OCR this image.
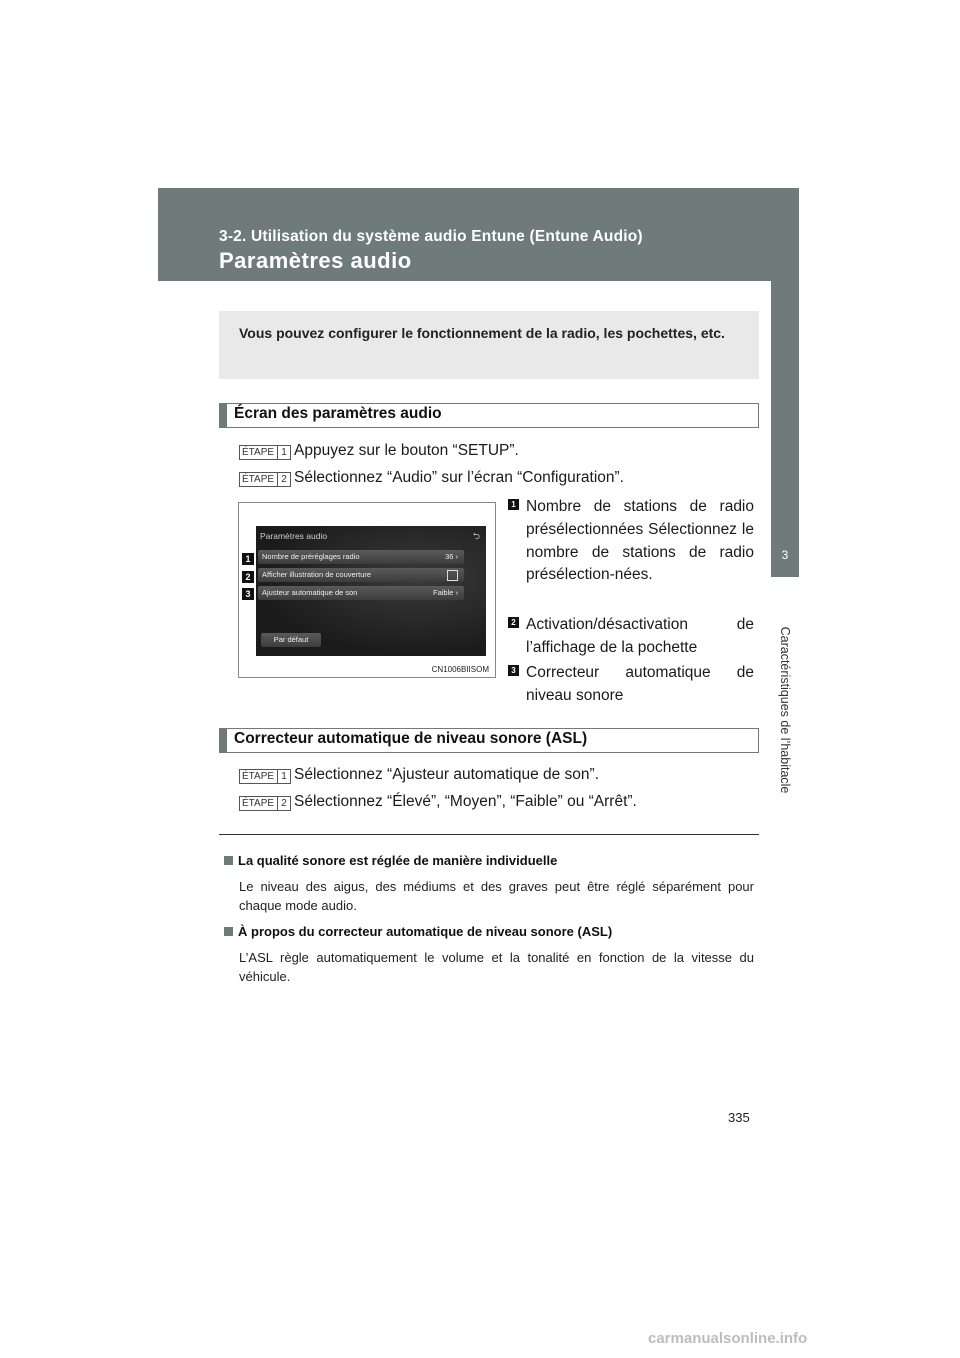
3-2. Utilisation du système audio Entune (Entune Audio)
Paramètres audio
3
Caractéristiques de l’habitacle

Vous pouvez configurer le fonctionnement de la radio, les pochettes, etc.

Écran des paramètres audio
ÉTAPE 1 Appuyez sur le bouton “SETUP”.
ÉTAPE 2 Sélectionnez “Audio” sur l’écran “Configuration”.
1
2
3
Paramètres audio	⮌
Nombre de préréglages radio	36 ›
Afficher illustration de couverture
Ajusteur automatique de son	Faible ›
Par défaut
CN1006BIISOM
1 Nombre de stations de radio présélectionnées Sélectionnez le nombre de stations de radio présélection-nées.
2 Activation/désactivation de l’affichage de la pochette
3 Correcteur automatique de niveau sonore
Correcteur automatique de niveau sonore (ASL)
ÉTAPE 1 Sélectionnez “Ajusteur automatique de son”.
ÉTAPE 2 Sélectionnez “Élevé”, “Moyen”, “Faible” ou “Arrêt”.
La qualité sonore est réglée de manière individuelle

Le niveau des aigus, des médiums et des graves peut être réglé séparément pour chaque mode audio.

À propos du correcteur automatique de niveau sonore (ASL)

L’ASL règle automatiquement le volume et la tonalité en fonction de la vitesse du véhicule.

335
carmanualsonline.info
